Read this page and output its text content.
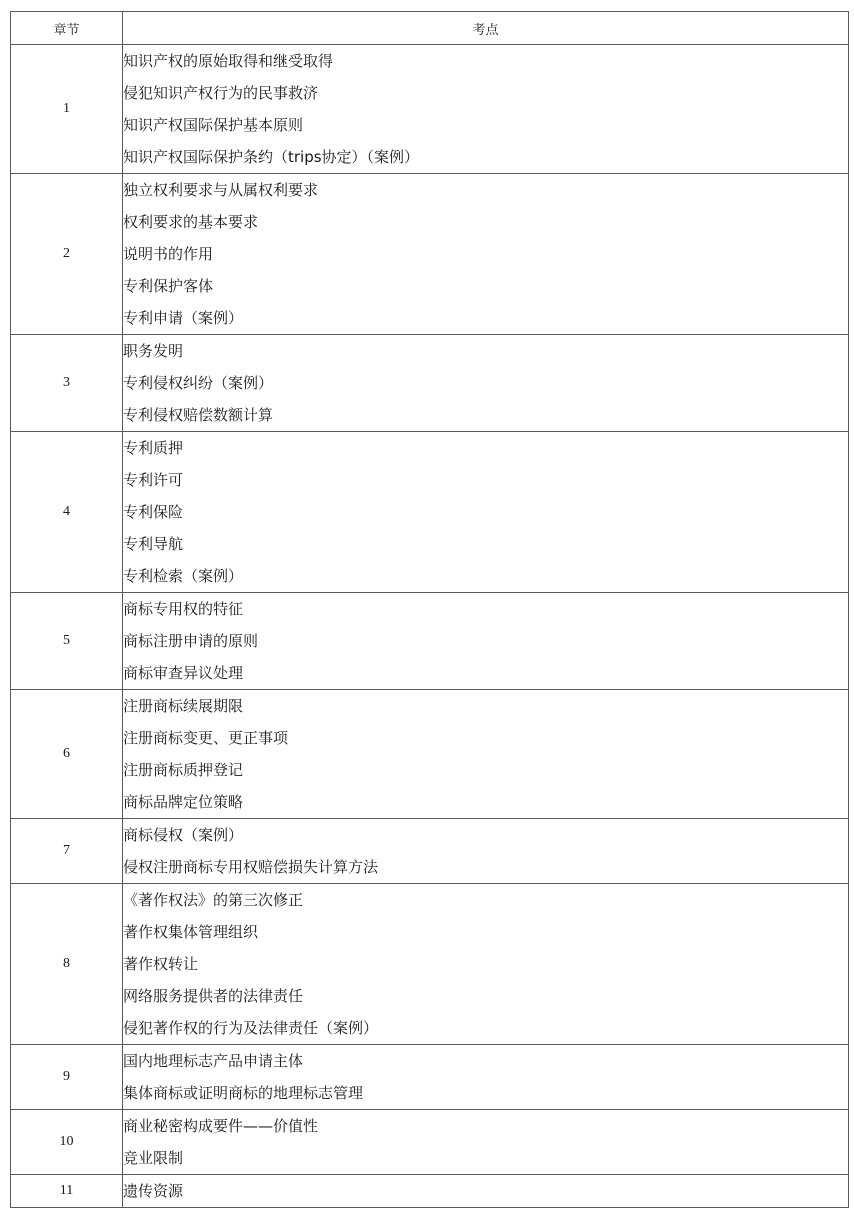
章节	考点
1	知识产权的原始取得和继受取得
侵犯知识产权行为的民事救济
知识产权国际保护基本原则
知识产权国际保护条约（trips协定）（案例）

2	独立权利要求与从属权利要求
权利要求的基本要求
说明书的作用
专利保护客体
专利申请（案例）

3	职务发明
专利侵权纠纷（案例）
专利侵权赔偿数额计算

4	专利质押
专利许可
专利保险
专利导航
专利检索（案例）

5	商标专用权的特征
商标注册申请的原则
商标审查异议处理

6	注册商标续展期限
注册商标变更、更正事项
注册商标质押登记
商标品牌定位策略

7	商标侵权（案例）
侵权注册商标专用权赔偿损失计算方法

8	《著作权法》的第三次修正
著作权集体管理组织
著作权转让
网络服务提供者的法律责任
侵犯著作权的行为及法律责任（案例）

9	国内地理标志产品申请主体
集体商标或证明商标的地理标志管理

10	商业秘密构成要件——价值性
竞业限制

11	遗传资源
